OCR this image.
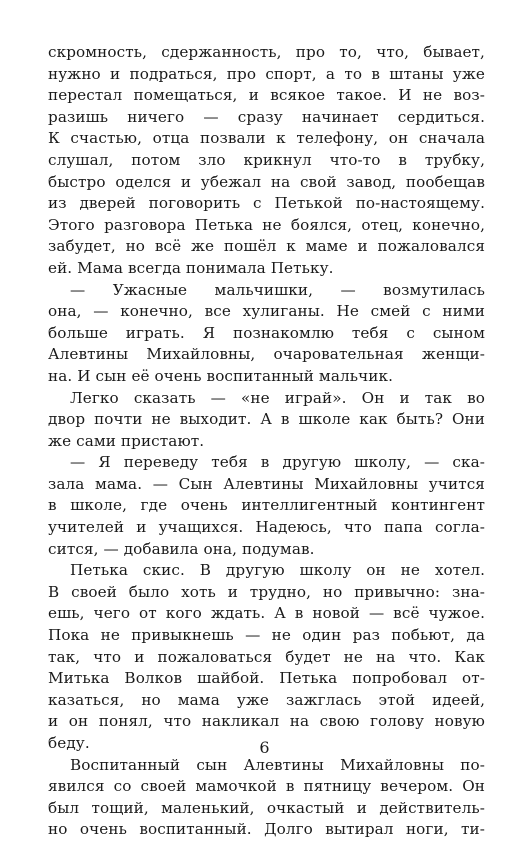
скромность, сдержанность, про то, что, бывает,
нужно и подраться, про спорт, а то в штаны уже
перестал помещаться, и всякое такое. И не воз-
разишь ничего — сразу начинает сердиться.
К счастью, отца позвали к телефону, он сначала
слушал, потом зло крикнул что-то в трубку,
быстро оделся и убежал на свой завод, пообещав
из дверей поговорить с Петькой по-настоящему.
Этого разговора Петька не боялся, отец, конечно,
забудет, но всё же пошёл к маме и пожаловался
ей. Мама всегда понимала Петьку.
— Ужасные мальчишки, — возмутилась
она, — конечно, все хулиганы. Не смей с ними
больше играть. Я познакомлю тебя с сыном
Алевтины Михайловны, очаровательная женщи-
на. И сын её очень воспитанный мальчик.
Легко сказать — «не играй». Он и так во
двор почти не выходит. А в школе как быть? Они
же сами пристают.
— Я переведу тебя в другую школу, — ска-
зала мама. — Сын Алевтины Михайловны учится
в школе, где очень интеллигентный контингент
учителей и учащихся. Надеюсь, что папа согла-
сится, — добавила она, подумав.
Петька скис. В другую школу он не хотел.
В своей было хоть и трудно, но привычно: зна-
ешь, чего от кого ждать. А в новой — всё чужое.
Пока не привыкнешь — не один раз побьют, да
так, что и пожаловаться будет не на что. Как
Митька Волков шайбой. Петька попробовал от-
казаться, но мама уже зажглась этой идеей,
и он понял, что накликал на свою голову новую
беду.
Воспитанный сын Алевтины Михайловны по-
явился со своей мамочкой в пятницу вечером. Он
был тощий, маленький, очкастый и действитель-
но очень воспитанный. Долго вытирал ноги, ти-
6
